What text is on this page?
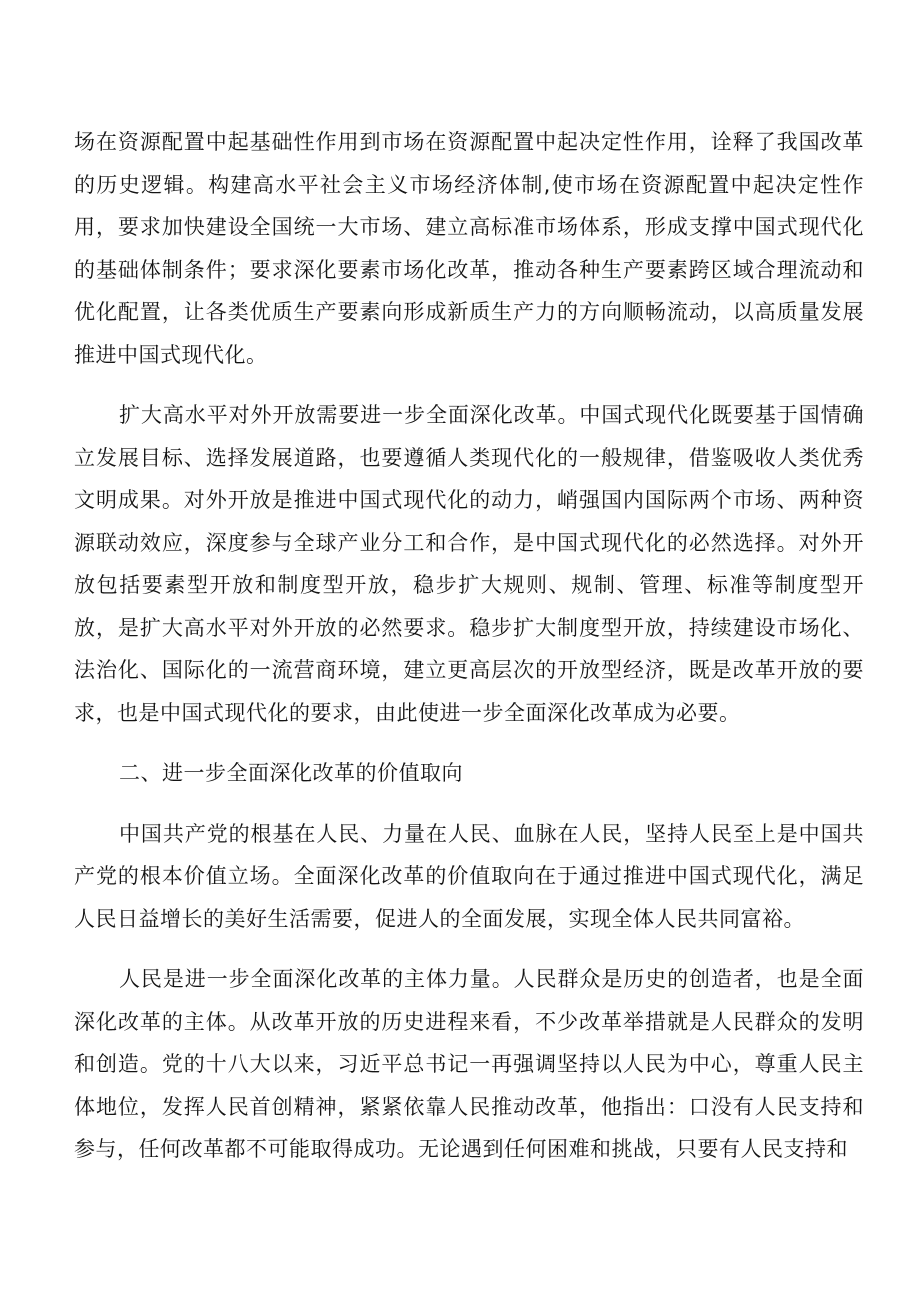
场在资源配置中起基础性作用到市场在资源配置中起决定性作用，诠释了我国改革的历史逻辑。构建高水平社会主义市场经济体制,使市场在资源配置中起决定性作用，要求加快建设全国统一大市场、建立高标准市场体系，形成支撑中国式现代化的基础体制条件；要求深化要素市场化改革，推动各种生产要素跨区域合理流动和优化配置，让各类优质生产要素向形成新质生产力的方向顺畅流动，以高质量发展推进中国式现代化。

扩大高水平对外开放需要进一步全面深化改革。中国式现代化既要基于国情确立发展目标、选择发展道路，也要遵循人类现代化的一般规律，借鉴吸收人类优秀文明成果。对外开放是推进中国式现代化的动力，峭强国内国际两个市场、两种资源联动效应，深度参与全球产业分工和合作，是中国式现代化的必然选择。对外开放包括要素型开放和制度型开放，稳步扩大规则、规制、管理、标准等制度型开放，是扩大高水平对外开放的必然要求。稳步扩大制度型开放，持续建设市场化、法治化、国际化的一流营商环境，建立更高层次的开放型经济，既是改革开放的要求，也是中国式现代化的要求，由此使进一步全面深化改革成为必要。

二、进一步全面深化改革的价值取向

中国共产党的根基在人民、力量在人民、血脉在人民，坚持人民至上是中国共产党的根本价值立场。全面深化改革的价值取向在于通过推进中国式现代化，满足人民日益增长的美好生活需要，促进人的全面发展，实现全体人民共同富裕。

人民是进一步全面深化改革的主体力量。人民群众是历史的创造者，也是全面深化改革的主体。从改革开放的历史进程来看，不少改革举措就是人民群众的发明和创造。党的十八大以来，习近平总书记一再强调坚持以人民为中心，尊重人民主体地位，发挥人民首创精神，紧紧依靠人民推动改革，他指出：口没有人民支持和参与，任何改革都不可能取得成功。无论遇到任何困难和挑战，只要有人民支持和
